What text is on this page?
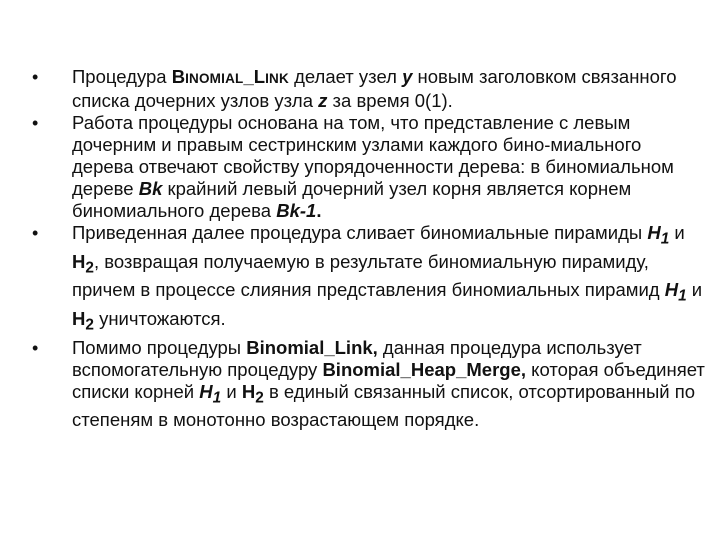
• Процедура BINOMIAL_LINK делает узел у новым заголовком связанного списка дочерних узлов узла z за время 0(1).
• Работа процедуры основана на том, что представление с левым дочерним и правым сестринским узлами каждого бино-миального дерева отвечают свойству упорядоченности дерева: в биномиальном дереве Bk крайний левый дочерний узел корня является корнем биномиального дерева Bk-1.
• Приведенная далее процедура сливает биномиальные пирамиды $H_1$ и $H_2$, возвращая получаемую в результате биномиальную пирамиду, причем в процессе слияния представления биномиальных пирамид $H_1$ и $H_2$ уничтожаются.
• Помимо процедуры Binomial_Link, данная процедура использует вспомогательную процедуру Binomial_Heap_Merge, которая объединяет списки корней $H_1$ и $H_2$ в единый связанный список, отсортированный по степеням в монотонно возрастающем порядке.
